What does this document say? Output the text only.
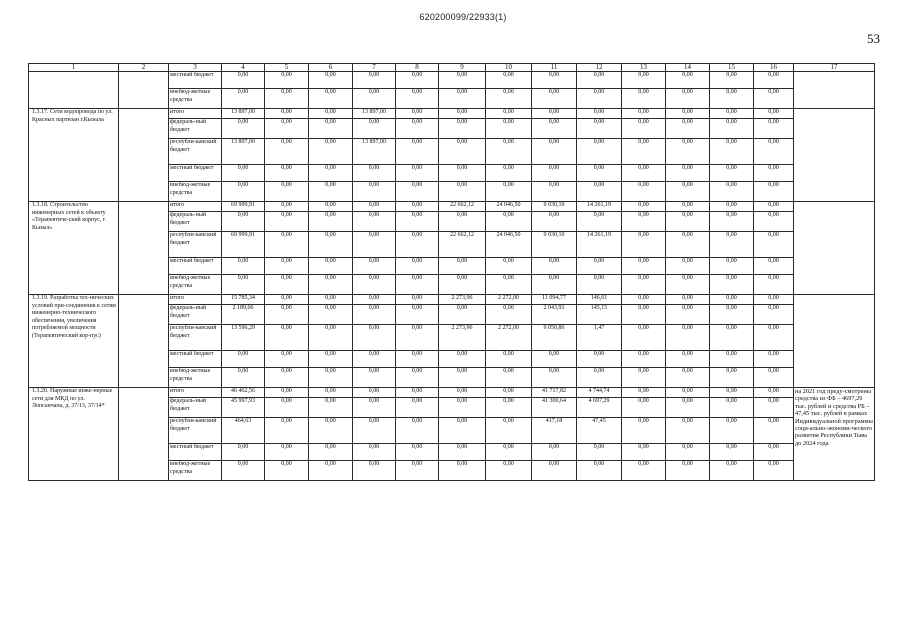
620200099/22933(1)
53
1	2	3	4	5	6	7	8	9	10	11	12	13	14	15	16	17
		местный бюджет	0,00	0,00	0,00	0,00	0,00	0,00	0,00	0,00	0,00	0,00	0,00	0,00	0,00	
		внебюд-жетные средства	0,00	0,00	0,00	0,00	0,00	0,00	0,00	0,00	0,00	0,00	0,00	0,00	0,00	
1.3.17. Сети водопровода по ул. Красных партизан г.Кызыла		итого	13 897,00	0,00	0,00	13 897,00	0,00	0,00	0,00	0,00	0,00	0,00	0,00	0,00	0,00	
		федераль-ный бюджет	0,00	0,00	0,00	0,00	0,00	0,00	0,00	0,00	0,00	0,00	0,00	0,00	0,00	
		республи-канский бюджет	13 897,00	0,00	0,00	13 897,00	0,00	0,00	0,00	0,00	0,00	0,00	0,00	0,00	0,00	
		местный бюджет	0,00	0,00	0,00	0,00	0,00	0,00	0,00	0,00	0,00	0,00	0,00	0,00	0,00	
		внебюд-жетные средства	0,00	0,00	0,00	0,00	0,00	0,00	0,00	0,00	0,00	0,00	0,00	0,00	0,00	
1.3.18. Строительство инженерных сетей к объекту «Терапевтиче-ский корпус, г. Кызыл»		итого	69 999,91	0,00	0,00	0,00	0,00	22 662,12	24 046,50	9 030,10	14 261,19	0,00	0,00	0,00	0,00	
		федераль-ный бюджет	0,00	0,00	0,00	0,00	0,00	0,00	0,00	0,00	0,00	0,00	0,00	0,00	0,00	
		республи-канский бюджет	69 999,91	0,00	0,00	0,00	0,00	22 662,12	24 046,50	9 030,10	14 261,19	0,00	0,00	0,00	0,00	
		местный бюджет	0,00	0,00	0,00	0,00	0,00	0,00	0,00	0,00	0,00	0,00	0,00	0,00	0,00	
		внебюд-жетные средства	0,00	0,00	0,00	0,00	0,00	0,00	0,00	0,00	0,00	0,00	0,00	0,00	0,00	
1.3.19. Разработка тех-нических условий при-соединения к сетям инженерно-технического обеспечения, увеличения потребляемой мощности (Терапевтический кор-пус)		итого	15 785,34	0,00	0,00	0,00	0,00	2 273,96	2 272,00	11 094,77	146,61	0,00	0,00	0,00	0,00	
		федераль-ный бюджет	2 189,06	0,00	0,00	0,00	0,00	0,00	0,00	2 043,91	145,15	0,00	0,00	0,00	0,00	
		республи-канский бюджет	13 596,29	0,00	0,00	0,00	0,00	2 273,96	2 272,00	9 050,86	1,47	0,00	0,00	0,00	0,00	
		местный бюджет	0,00	0,00	0,00	0,00	0,00	0,00	0,00	0,00	0,00	0,00	0,00	0,00	0,00	
		внебюд-жетные средства	0,00	0,00	0,00	0,00	0,00	0,00	0,00	0,00	0,00	0,00	0,00	0,00	0,00	
1.3.20. Наружные инже-нерные сети для МКД по ул. Лопсанчапа, д. 37/13, 37/14*		итого	46 462,56	0,00	0,00	0,00	0,00	0,00	0,00	41 717,82	4 744,74	0,00	0,00	0,00	0,00	на 2021 год преду-смотрены средства из ФБ – 4697,29 тыс. рублей и средства РБ – 47,45 тыс. рублей в рамках Индивидуальной программы соци-ально-экономи-ческого развития Республики Тыва до 2024 года
		федераль-ный бюджет	45 997,93	0,00	0,00	0,00	0,00	0,00	0,00	41 300,64	4 697,29	0,00	0,00	0,00	0,00	
		республи-канский бюджет	464,63	0,00	0,00	0,00	0,00	0,00	0,00	417,18	47,45	0,00	0,00	0,00	0,00	
		местный бюджет	0,00	0,00	0,00	0,00	0,00	0,00	0,00	0,00	0,00	0,00	0,00	0,00	0,00	
		внебюд-жетные средства	0,00	0,00	0,00	0,00	0,00	0,00	0,00	0,00	0,00	0,00	0,00	0,00	0,00	
